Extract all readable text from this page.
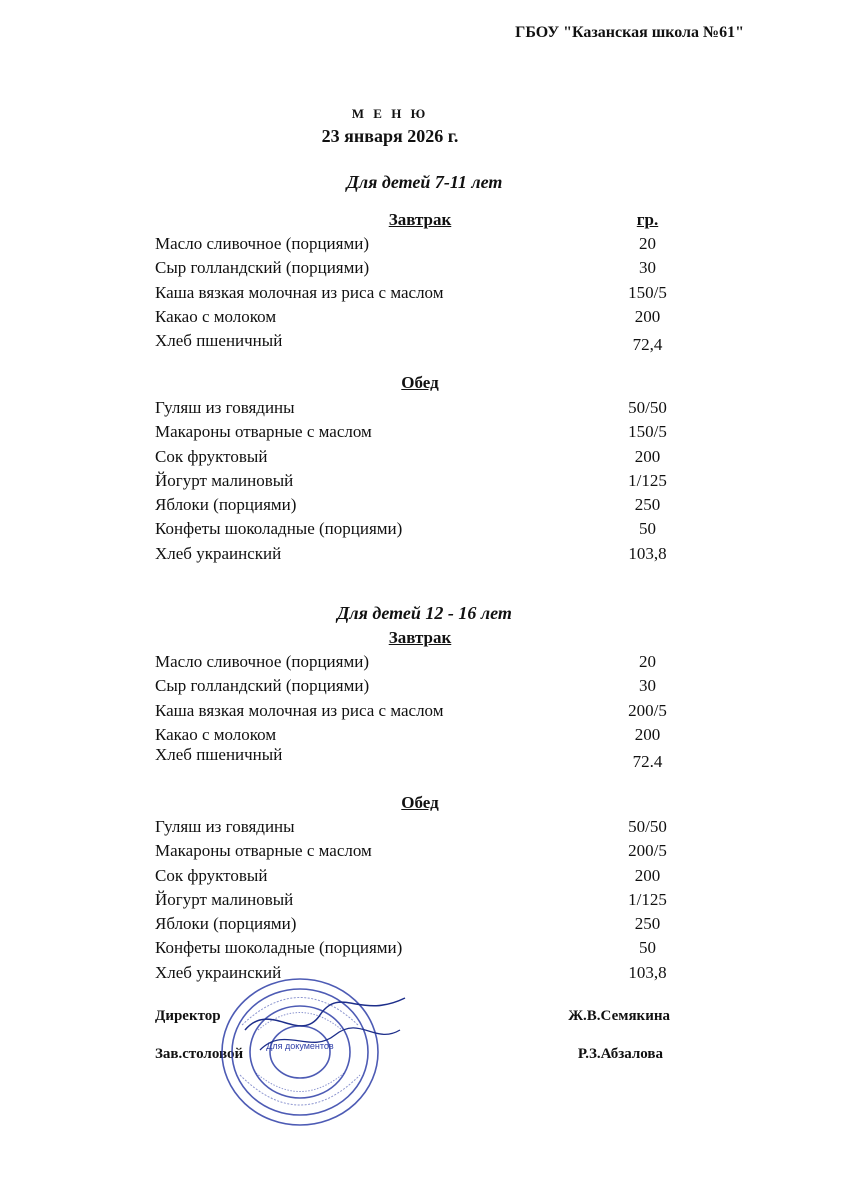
ГБОУ "Казанская школа №61"
М Е Н Ю
23 января 2026 г.
Для детей 7-11 лет
Завтрак	гр.
Масло сливочное (порциями)	20
Сыр голландский (порциями)	30
Каша вязкая молочная из риса с маслом	150/5
Какао с молоком	200
Хлеб пшеничный	72,4
Обед
Гуляш из говядины	50/50
Макароны отварные с маслом	150/5
Сок фруктовый	200
Йогурт малиновый	1/125
Яблоки (порциями)	250
Конфеты шоколадные (порциями)	50
Хлеб украинский	103,8
Для детей 12 - 16 лет
Завтрак
Масло сливочное (порциями)	20
Сыр голландский (порциями)	30
Каша вязкая молочная из риса с маслом	200/5
Какао с молоком	200
Хлеб пшеничный	72.4
Обед
Гуляш из говядины	50/50
Макароны отварные с маслом	200/5
Сок фруктовый	200
Йогурт малиновый	1/125
Яблоки (порциями)	250
Конфеты шоколадные (порциями)	50
Хлеб украинский	103,8
Директор	Ж.В.Семякина
Зав.столовой	Р.З.Абзалова
Для документов
